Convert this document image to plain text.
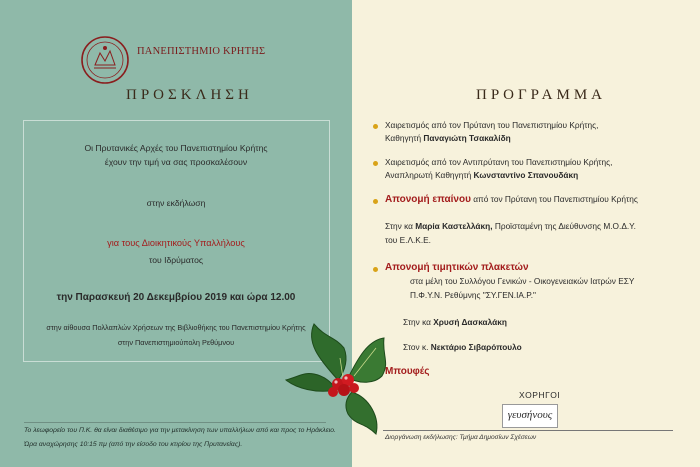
ΠΑΝΕΠΙΣΤΗΜΙΟ ΚΡΗΤΗΣ
ΠΡΟΣΚΛΗΣΗ	ΠΡΟΓΡΑΜΜΑ
Οι Πρυτανικές Αρχές του Πανεπιστημίου Κρήτης
έχουν την τιμή να σας προσκαλέσουν
στην εκδήλωση
για τους Διοικητικούς Υπαλλήλους
του Ιδρύματος
την Παρασκευή 20 Δεκεμβρίου 2019 και ώρα 12.00
στην αίθουσα Πολλαπλών Χρήσεων της Βιβλιοθήκης του Πανεπιστημίου Κρήτης
στην Πανεπιστημιούπολη Ρεθύμνου
Το λεωφορείο του Π.Κ. θα είναι διαθέσιμο για την μετακίνηση των υπαλλήλων από και προς το Ηράκλειο.
Ώρα αναχώρησης 10:15 πμ (από την είσοδο του κτιρίου της Πρυτανείας).
Χαιρετισμός από τον Πρύτανη του Πανεπιστημίου Κρήτης,
Καθηγητή Παναγιώτη Τσακαλίδη
Χαιρετισμός από τον Αντιπρύτανη του Πανεπιστημίου Κρήτης,
Αναπληρωτή Καθηγητή Κωνσταντίνο Σπανουδάκη
Απονομή επαίνου από τον Πρύτανη του Πανεπιστημίου Κρήτης
Στην κα Μαρία Καστελλάκη, Προϊσταμένη της Διεύθυνσης Μ.Ο.Δ.Υ.
του Ε.Λ.Κ.Ε.
Απονομή τιμητικών πλακετών
στα μέλη του Συλλόγου Γενικών - Οικογενειακών Ιατρών ΕΣΥ
Π.Φ.Υ.Ν. Ρεθύμνης "ΣΥ.ΓΕΝ.ΙΑ.Ρ."
Στην κα Χρυσή Δασκαλάκη
Στον κ. Νεκτάριο Σιβαρόπουλο
Μπουφές
ΧΟΡΗΓΟΙ
γευσήνους
Διοργάνωση εκδήλωσης: Τμήμα Δημοσίων Σχέσεων
